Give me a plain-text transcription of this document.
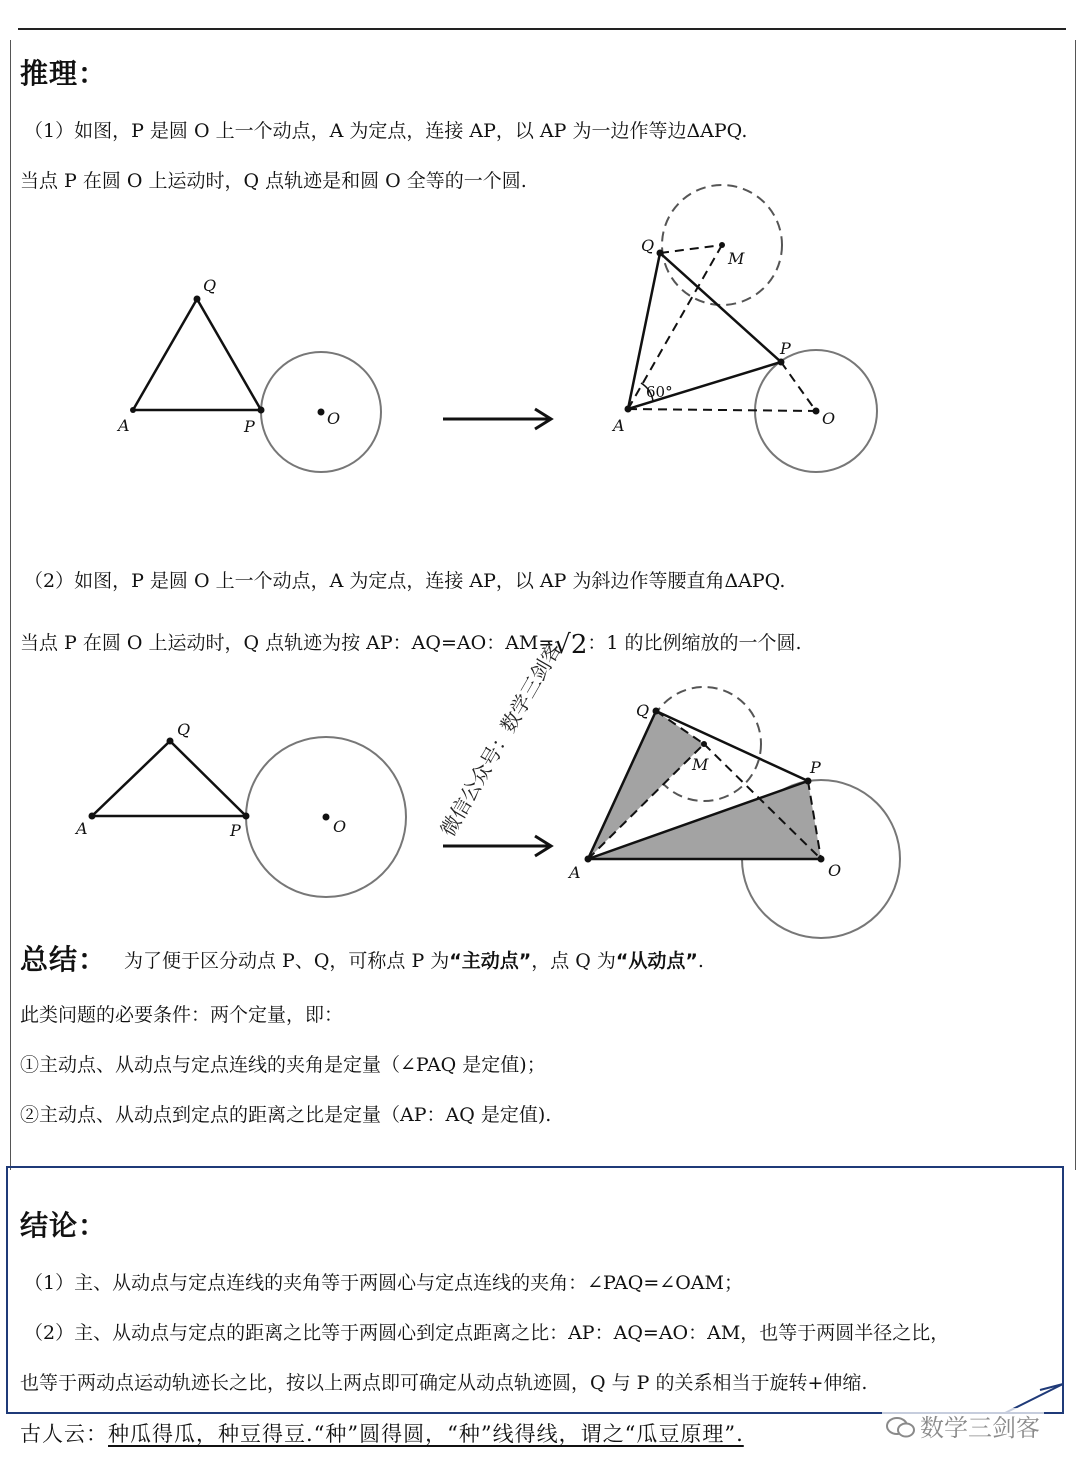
推理：
（1）如图，P 是圆 O 上一个动点，A 为定点，连接 AP，以 AP 为一边作等边ΔAPQ.
当点 P 在圆 O 上运动时，Q 点轨迹是和圆 O 全等的一个圆.
A	P
Q
O	A
Q
M
P
O
60°
（2）如图，P 是圆 O 上一个动点，A 为定点，连接 AP，以 AP 为斜边作等腰直角ΔAPQ.
当点 P 在圆 O 上运动时，Q 点轨迹为按 AP：AQ=AO：AM=√2：1 的比例缩放的一个圆.
A	P
Q
O	微信公众号：数学三剑客
A
Q
M	P
O
总结： 为了便于区分动点 P、Q，可称点 P 为“主动点”，点 Q 为“从动点”.
此类问题的必要条件：两个定量，即：
①主动点、从动点与定点连线的夹角是定量（∠PAQ 是定值)；
②主动点、从动点到定点的距离之比是定量（AP：AQ 是定值).
结论：
（1）主、从动点与定点连线的夹角等于两圆心与定点连线的夹角：∠PAQ=∠OAM；
（2）主、从动点与定点的距离之比等于两圆心到定点距离之比：AP：AQ=AO：AM，也等于两圆半径之比，
也等于两动点运动轨迹长之比，按以上两点即可确定从动点轨迹圆，Q 与 P 的关系相当于旋转+伸缩.
古人云：种瓜得瓜，种豆得豆.“种”圆得圆，“种”线得线，谓之“瓜豆原理”.	数学三剑客
